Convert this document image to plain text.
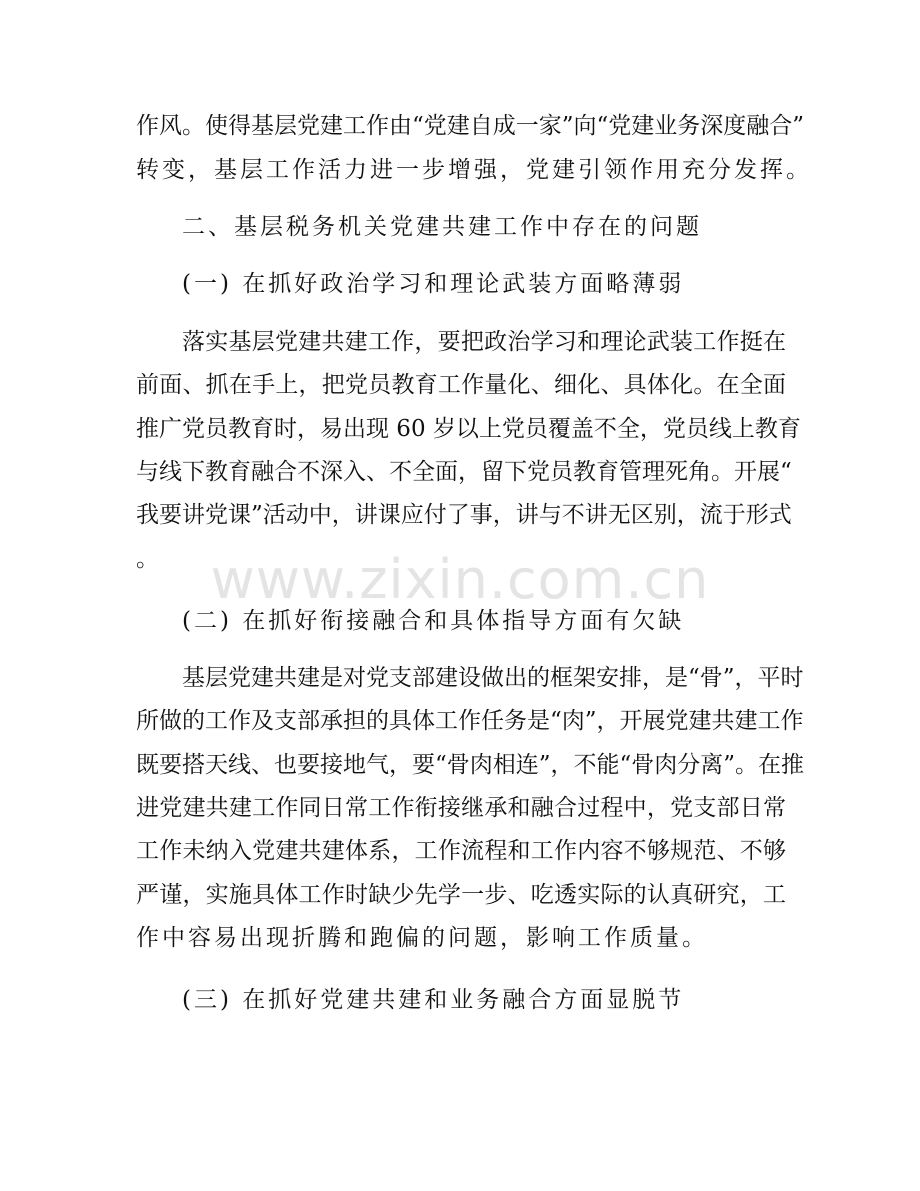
作风。使得基层党建工作由“党建自成一家”向“党建业务深度融合”

转变，基层工作活力进一步增强，党建引领作用充分发挥。

二、基层税务机关党建共建工作中存在的问题

(一) 在抓好政治学习和理论武装方面略薄弱

落实基层党建共建工作，要把政治学习和理论武装工作挺在

前面、抓在手上，把党员教育工作量化、细化、具体化。在全面

推广党员教育时，易出现 60 岁以上党员覆盖不全，党员线上教育

与线下教育融合不深入、不全面，留下党员教育管理死角。开展“

我要讲党课”活动中，讲课应付了事，讲与不讲无区别，流于形式

。

(二) 在抓好衔接融合和具体指导方面有欠缺

基层党建共建是对党支部建设做出的框架安排，是“骨”，平时

所做的工作及支部承担的具体工作任务是“肉”，开展党建共建工作

既要搭天线、也要接地气，要“骨肉相连”，不能“骨肉分离”。在推

进党建共建工作同日常工作衔接继承和融合过程中，党支部日常

工作未纳入党建共建体系，工作流程和工作内容不够规范、不够

严谨，实施具体工作时缺少先学一步、吃透实际的认真研究，工

作中容易出现折腾和跑偏的问题，影响工作质量。

(三) 在抓好党建共建和业务融合方面显脱节

www.zixin.com.cn
